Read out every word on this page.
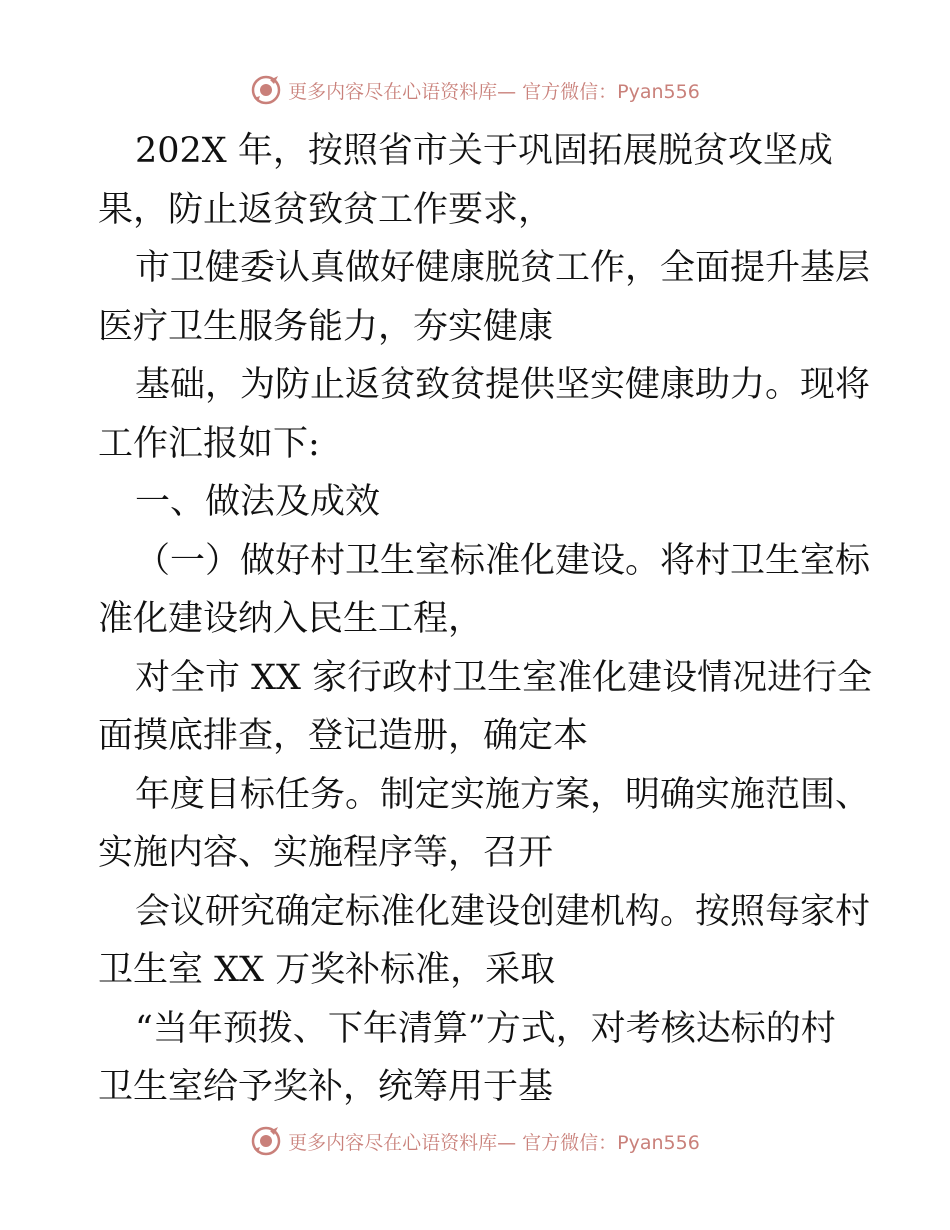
更多内容尽在心语资料库— 官方微信：Pyan556

202X 年，按照省市关于巩固拓展脱贫攻坚成

果，防止返贫致贫工作要求，

市卫健委认真做好健康脱贫工作，全面提升基层

医疗卫生服务能力，夯实健康

基础，为防止返贫致贫提供坚实健康助力。现将

工作汇报如下:

一、做法及成效

（一）做好村卫生室标准化建设。将村卫生室标

准化建设纳入民生工程，

对全市 XX 家行政村卫生室准化建设情况进行全

面摸底排查，登记造册，确定本

年度目标任务。制定实施方案，明确实施范围、

实施内容、实施程序等，召开

会议研究确定标准化建设创建机构。按照每家村

卫生室 XX 万奖补标准，采取

“当年预拨、下年清算”方式，对考核达标的村

卫生室给予奖补，统筹用于基

更多内容尽在心语资料库— 官方微信：Pyan556
